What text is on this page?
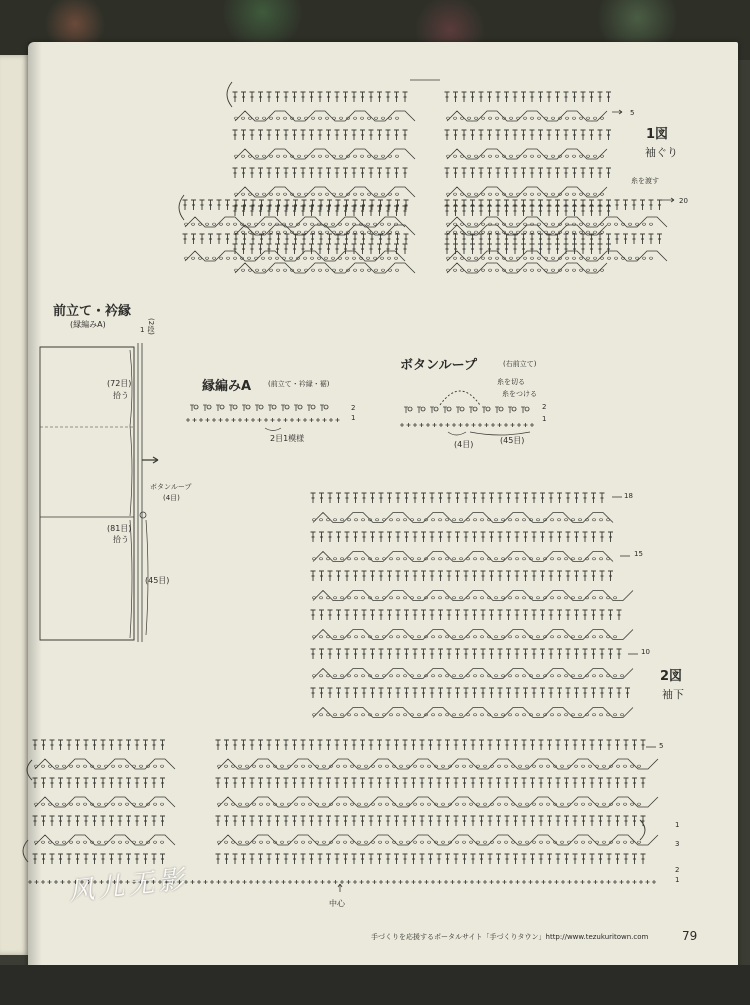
1図
袖ぐり
5
20
糸を渡す
前立て・衿縁
(縁編みA)
1 (2段)
(72目)
拾う
ボタンループ
(4目)
(81目)
拾う
(45目)
縁編みA (前立て・衿縁・裾)
2
1
2目1模様
ボタンループ	(右前立て)
糸を切る
糸をつける
2
1
(4目)	(45目)
2図
袖下
18
15
10
5
1
3
2
1
中心
手づくりを応援するポータルサイト「手づくりタウン」http://www.tezukuritown.com	79
风儿无影
